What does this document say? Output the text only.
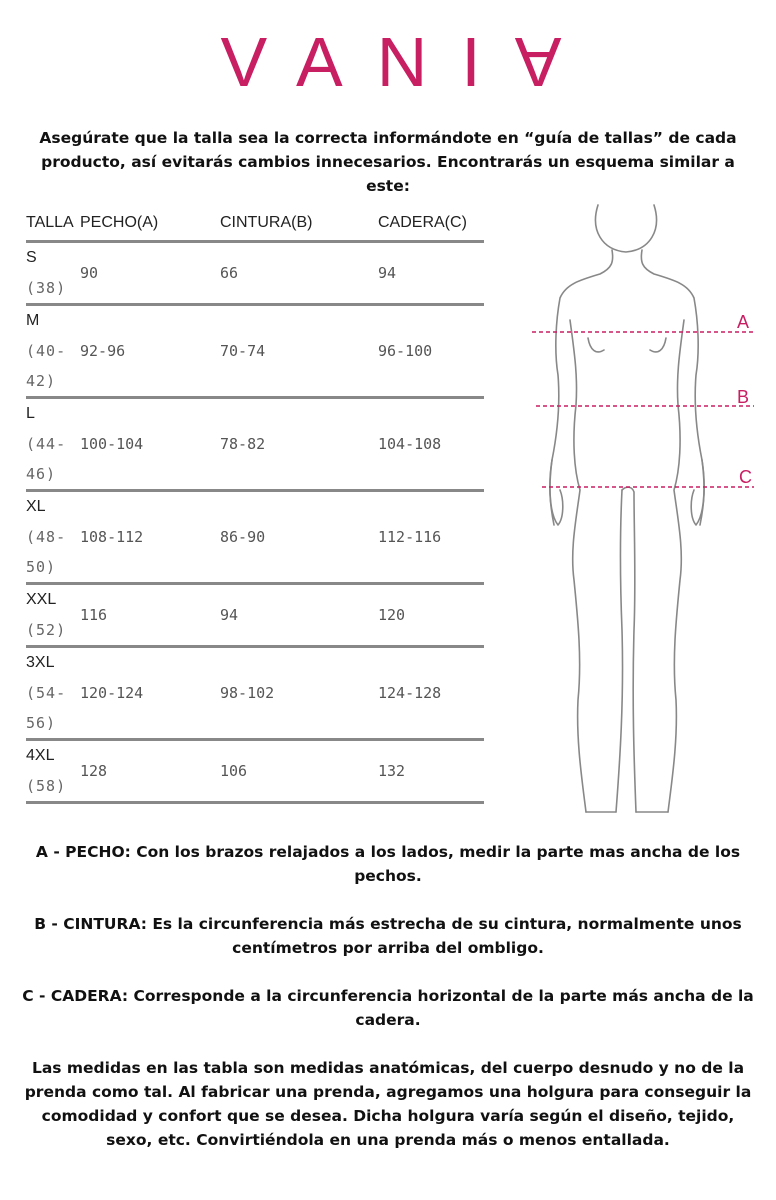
VANIA
Asegúrate que la talla sea la correcta informándote en “guía de tallas” de cada producto, así evitarás cambios innecesarios. Encontrarás un esquema similar a este:
TALLA	PECHO(A)	CINTURA(B)	CADERA(C)

S
(38)	90	66	94

M
(40-42)	92-96	70-74	96-100

L
(44-46)	100-104	78-82	104-108

XL
(48-50)	108-112	86-90	112-116

XXL
(52)	116	94	120

3XL
(54-56)	120-124	98-102	124-128

4XL
(58)	128	106	132
A
B
C

A - PECHO: Con los brazos relajados a los lados, medir la parte mas ancha de los pechos.

B - CINTURA: Es la circunferencia más estrecha de su cintura, normalmente unos centímetros por arriba del ombligo.

C - CADERA: Corresponde a la circunferencia horizontal de la parte más ancha de la cadera.

Las medidas en las tabla son medidas anatómicas, del cuerpo desnudo y no de la prenda como tal. Al fabricar una prenda, agregamos una holgura para conseguir la comodidad y confort que se desea. Dicha holgura varía según el diseño, tejido, sexo, etc. Convirtiéndola en una prenda más o menos entallada.
